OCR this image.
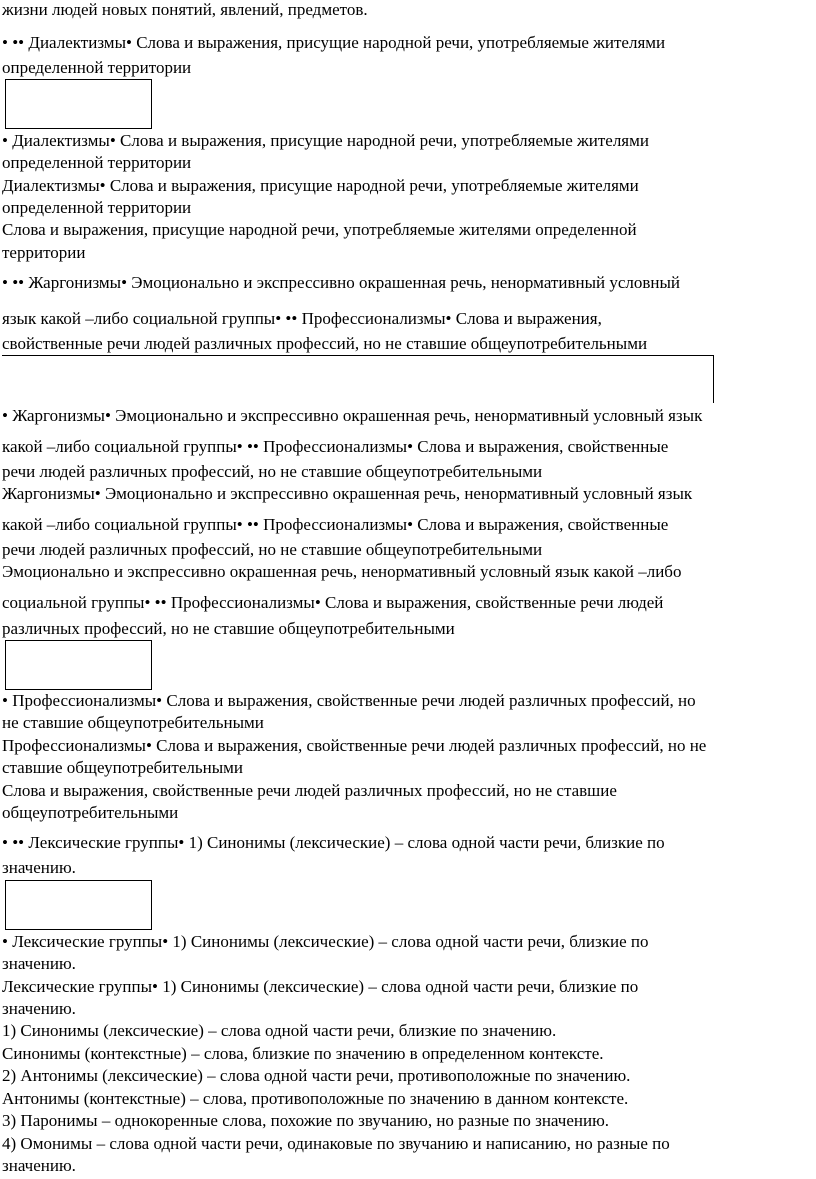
жизни людей новых понятий, явлений, предметов.
• •• Диалектизмы• Слова и выражения, присущие народной речи, употребляемые жителями
определенной территории
• Диалектизмы• Слова и выражения, присущие народной речи, употребляемые жителями
определенной территории
Диалектизмы• Слова и выражения, присущие народной речи, употребляемые жителями
определенной территории
Слова и выражения, присущие народной речи, употребляемые жителями определенной
территории
• •• Жаргонизмы• Эмоционально и экспрессивно окрашенная речь, ненормативный условный
язык какой –либо социальной группы• •• Профессионализмы• Слова и выражения,
свойственные речи людей различных профессий, но не ставшие общеупотребительными
• Жаргонизмы• Эмоционально и экспрессивно окрашенная речь, ненормативный условный язык
какой –либо социальной группы• •• Профессионализмы• Слова и выражения, свойственные
речи людей различных профессий, но не ставшие общеупотребительными
Жаргонизмы• Эмоционально и экспрессивно окрашенная речь, ненормативный условный язык
какой –либо социальной группы• •• Профессионализмы• Слова и выражения, свойственные
речи людей различных профессий, но не ставшие общеупотребительными
Эмоционально и экспрессивно окрашенная речь, ненормативный условный язык какой –либо
социальной группы• •• Профессионализмы• Слова и выражения, свойственные речи людей
различных профессий, но не ставшие общеупотребительными
• Профессионализмы• Слова и выражения, свойственные речи людей различных профессий, но
не ставшие общеупотребительными
Профессионализмы• Слова и выражения, свойственные речи людей различных профессий, но не
ставшие общеупотребительными
Слова и выражения, свойственные речи людей различных профессий, но не ставшие
общеупотребительными
• •• Лексические группы• 1) Синонимы (лексические) – слова одной части речи, близкие по
значению.
• Лексические группы• 1) Синонимы (лексические) – слова одной части речи, близкие по
значению.
Лексические группы• 1) Синонимы (лексические) – слова одной части речи, близкие по
значению.
1) Синонимы (лексические) – слова одной части речи, близкие по значению.
Синонимы (контекстные) – слова, близкие по значению в определенном контексте.
2) Антонимы (лексические) – слова одной части речи, противоположные по значению.
Антонимы (контекстные) – слова, противоположные по значению в данном контексте.
3) Паронимы – однокоренные слова, похожие по звучанию, но разные по значению.
4) Омонимы – слова одной части речи, одинаковые по звучанию и написанию, но разные по
значению.
